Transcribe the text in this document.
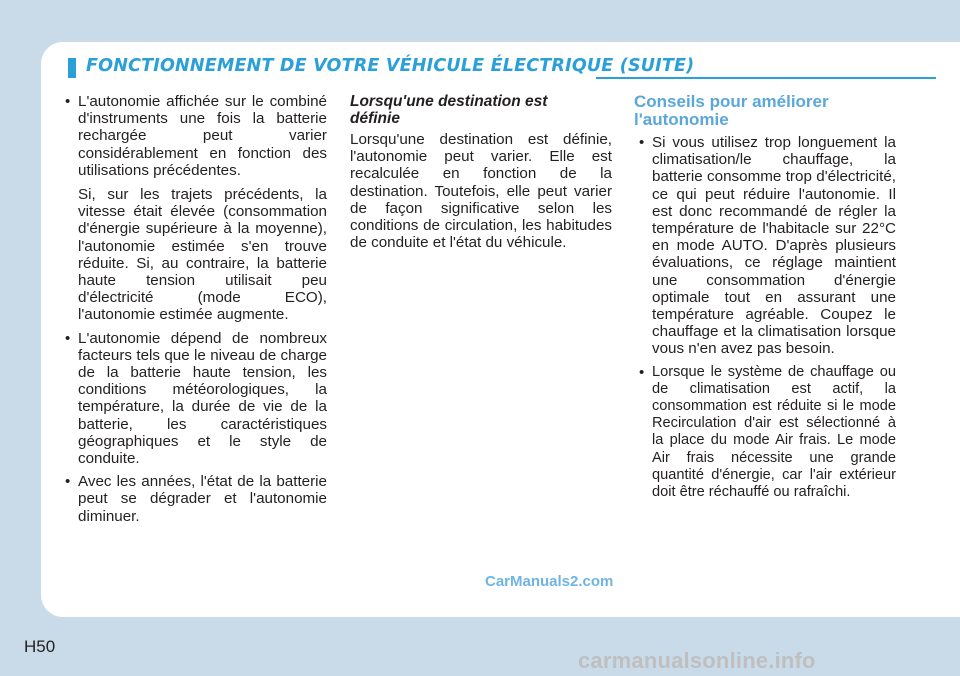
FONCTIONNEMENT DE VOTRE VÉHICULE ÉLECTRIQUE (SUITE)
• L'autonomie affichée sur le combiné d'instruments une fois la batterie rechargée peut varier considérablement en fonction des utilisations précédentes.

Si, sur les trajets précédents, la vitesse était élevée (consommation d'énergie supérieure à la moyenne), l'autonomie estimée s'en trouve réduite. Si, au contraire, la batterie haute tension utilisait peu d'électricité (mode ECO), l'autonomie estimée augmente.

• L'autonomie dépend de nombreux facteurs tels que le niveau de charge de la batterie haute tension, les conditions météorologiques, la température, la durée de vie de la batterie, les caractéristiques géographiques et le style de conduite.
• Avec les années, l'état de la batterie peut se dégrader et l'autonomie diminuer.
Lorsqu'une destination est
définie

Lorsqu'une destination est définie, l'autonomie peut varier. Elle est recalculée en fonction de la destination. Toutefois, elle peut varier de façon significative selon les conditions de circulation, les habitudes de conduite et l'état du véhicule.

Conseils pour améliorer
l'autonomie
• Si vous utilisez trop longuement la climatisation/le chauffage, la batterie consomme trop d'électricité, ce qui peut réduire l'autonomie. Il est donc recommandé de régler la température de l'habitacle sur 22°C en mode AUTO. D'après plusieurs évaluations, ce réglage maintient une consommation d'énergie optimale tout en assurant une température agréable. Coupez le chauffage et la climatisation lorsque vous n'en avez pas besoin.
• Lorsque le système de chauffage ou de climatisation est actif, la consommation est réduite si le mode Recirculation d'air est sélectionné à la place du mode Air frais. Le mode Air frais nécessite une grande quantité d'énergie, car l'air extérieur doit être réchauffé ou rafraîchi.
CarManuals2.com
H50
carmanualsonline.info
